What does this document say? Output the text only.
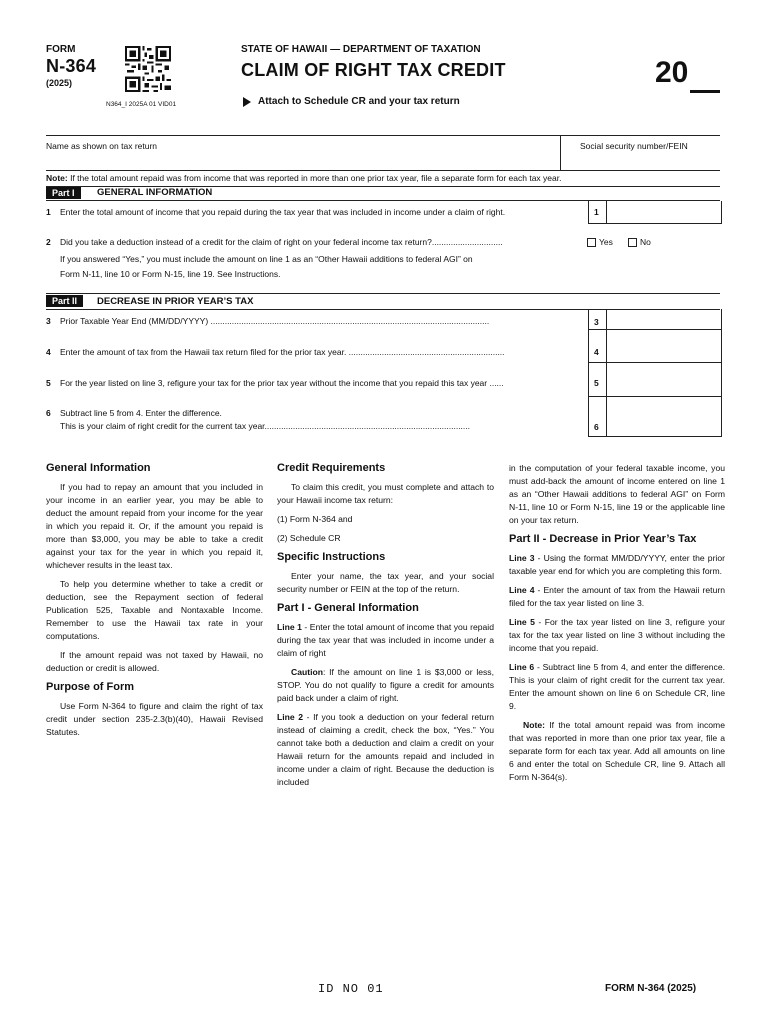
FORM
N-364
(2025)
N364_I 2025A 01 VID01
STATE OF HAWAII — DEPARTMENT OF TAXATION
CLAIM OF RIGHT TAX CREDIT
Attach to Schedule CR and your tax return
20
Name as shown on tax return	Social security number/FEIN
Note: If the total amount repaid was from income that was reported in more than one prior tax year, file a separate form for each tax year.
Part I	GENERAL INFORMATION
1 Enter the total amount of income that you repaid during the tax year that was included in income under a claim of right.	1
2 Did you take a deduction instead of a credit for the claim of right on your federal income tax return?..............................	Yes	No
If you answered “Yes,” you must include the amount on line 1 as an “Other Hawaii additions to federal AGI” on
Form N-11, line 10 or Form N-15, line 19. See Instructions.
Part II	DECREASE IN PRIOR YEAR’S TAX
3 Prior Taxable Year End (MM/DD/YYYY) ......................................................................................................................	3
4 Enter the amount of tax from the Hawaii tax return filed for the prior tax year. ..................................................................	4
5 For the year listed on line 3, refigure your tax for the prior tax year without the income that you repaid this tax year ......	5
6 Subtract line 5 from 4. Enter the difference.
This is your claim of right credit for the current tax year.......................................................................................	6
General Information

If you had to repay an amount that you included in your income in an earlier year, you may be able to deduct the amount repaid from your income for the year in which you repaid it. Or, if the amount you repaid is more than $3,000, you may be able to take a credit against your tax for the year in which you repaid it, whichever results in the least tax.

To help you determine whether to take a credit or deduction, see the Repayment section of federal Publication 525, Taxable and Nontaxable Income. Remember to use the Hawaii tax rate in your computations.

If the amount repaid was not taxed by Hawaii, no deduction or credit is allowed.

Purpose of Form

Use Form N-364 to figure and claim the right of tax credit under section 235-2.3(b)(40), Hawaii Revised Statutes.

Credit Requirements

To claim this credit, you must complete and attach to your Hawaii income tax return:

(1) Form N-364 and

(2) Schedule CR

Specific Instructions

Enter your name, the tax year, and your social security number or FEIN at the top of the return.

Part I - General Information

Line 1 - Enter the total amount of income that you repaid during the tax year that was included in income under a claim of right

Caution: If the amount on line 1 is $3,000 or less, STOP. You do not qualify to figure a credit for amounts paid back under a claim of right.

Line 2 - If you took a deduction on your federal return instead of claiming a credit, check the box, “Yes.” You cannot take both a deduction and claim a credit on your Hawaii return for the amounts repaid and included in income under a claim of right. Because the deduction is included

in the computation of your federal taxable income, you must add-back the amount of income entered on line 1 as an “Other Hawaii additions to federal AGI” on Form N-11, line 10 or Form N-15, line 19 or the applicable line on your tax return.

Part II - Decrease in Prior Year’s Tax

Line 3 - Using the format MM/DD/YYYY, enter the prior taxable year end for which you are completing this form.

Line 4 - Enter the amount of tax from the Hawaii return filed for the tax year listed on line 3.

Line 5 - For the tax year listed on line 3, refigure your tax for the tax year listed on line 3 without including the income that you repaid.

Line 6 - Subtract line 5 from 4, and enter the difference. This is your claim of right credit for the current tax year. Enter the amount shown on line 6 on Schedule CR, line 9.

Note: If the total amount repaid was from income that was reported in more than one prior tax year, file a separate form for each tax year. Add all amounts on line 6 and enter the total on Schedule CR, line 9. Attach all Form N-364(s).

ID NO 01	FORM N-364 (2025)
